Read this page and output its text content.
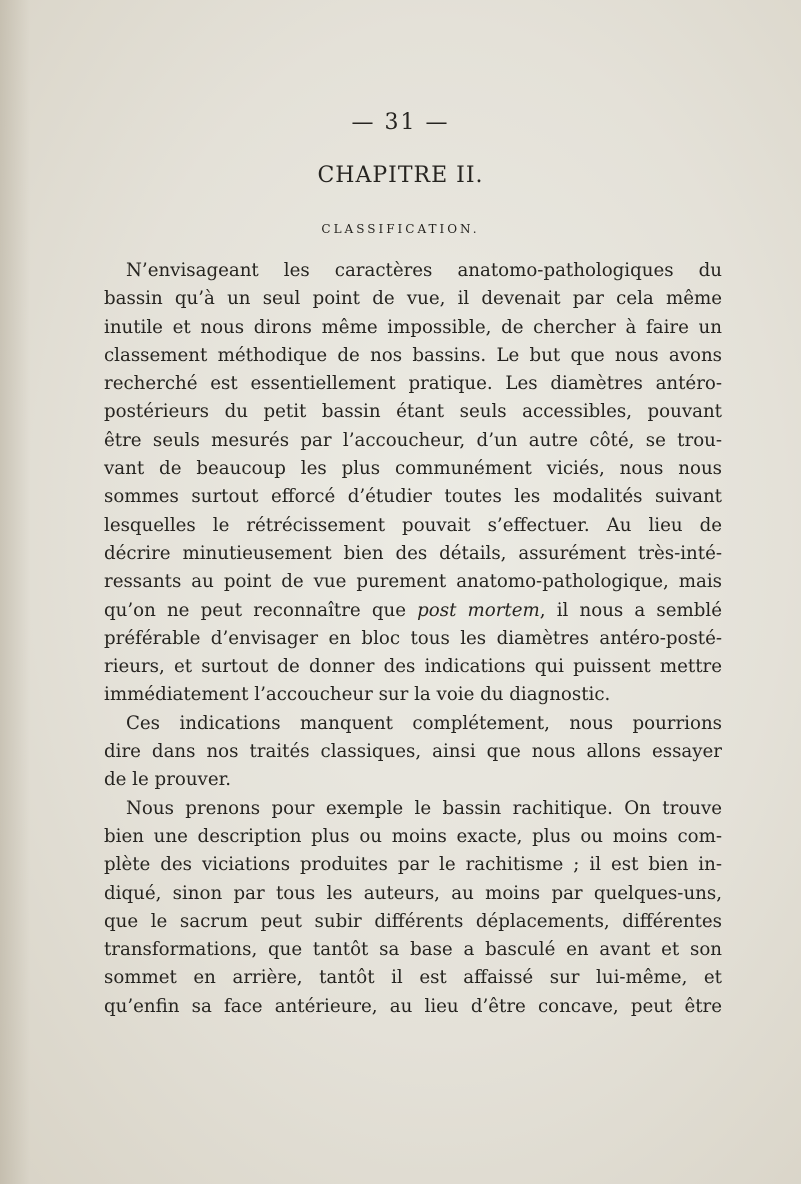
— 31 —
CHAPITRE II.
CLASSIFICATION.
N’envisageant les caractères anatomo-pathologiques du
bassin qu’à un seul point de vue, il devenait par cela même
inutile et nous dirons même impossible, de chercher à faire un
classement méthodique de nos bassins. Le but que nous avons
recherché est essentiellement pratique. Les diamètres antéro-
postérieurs du petit bassin étant seuls accessibles, pouvant
être seuls mesurés par l’accoucheur, d’un autre côté, se trou-
vant de beaucoup les plus communément viciés, nous nous
sommes surtout efforcé d’étudier toutes les modalités suivant
lesquelles le rétrécissement pouvait s’effectuer. Au lieu de
décrire minutieusement bien des détails, assurément très-inté-
ressants au point de vue purement anatomo-pathologique, mais
qu’on ne peut reconnaître que post mortem, il nous a semblé
préférable d’envisager en bloc tous les diamètres antéro-posté-
rieurs, et surtout de donner des indications qui puissent mettre
immédiatement l’accoucheur sur la voie du diagnostic.
Ces indications manquent complétement, nous pourrions
dire dans nos traités classiques, ainsi que nous allons essayer
de le prouver.
Nous prenons pour exemple le bassin rachitique. On trouve
bien une description plus ou moins exacte, plus ou moins com-
plète des viciations produites par le rachitisme ; il est bien in-
diqué, sinon par tous les auteurs, au moins par quelques-uns,
que le sacrum peut subir différents déplacements, différentes
transformations, que tantôt sa base a basculé en avant et son
sommet en arrière, tantôt il est affaissé sur lui-même, et
qu’enfin sa face antérieure, au lieu d’être concave, peut être
